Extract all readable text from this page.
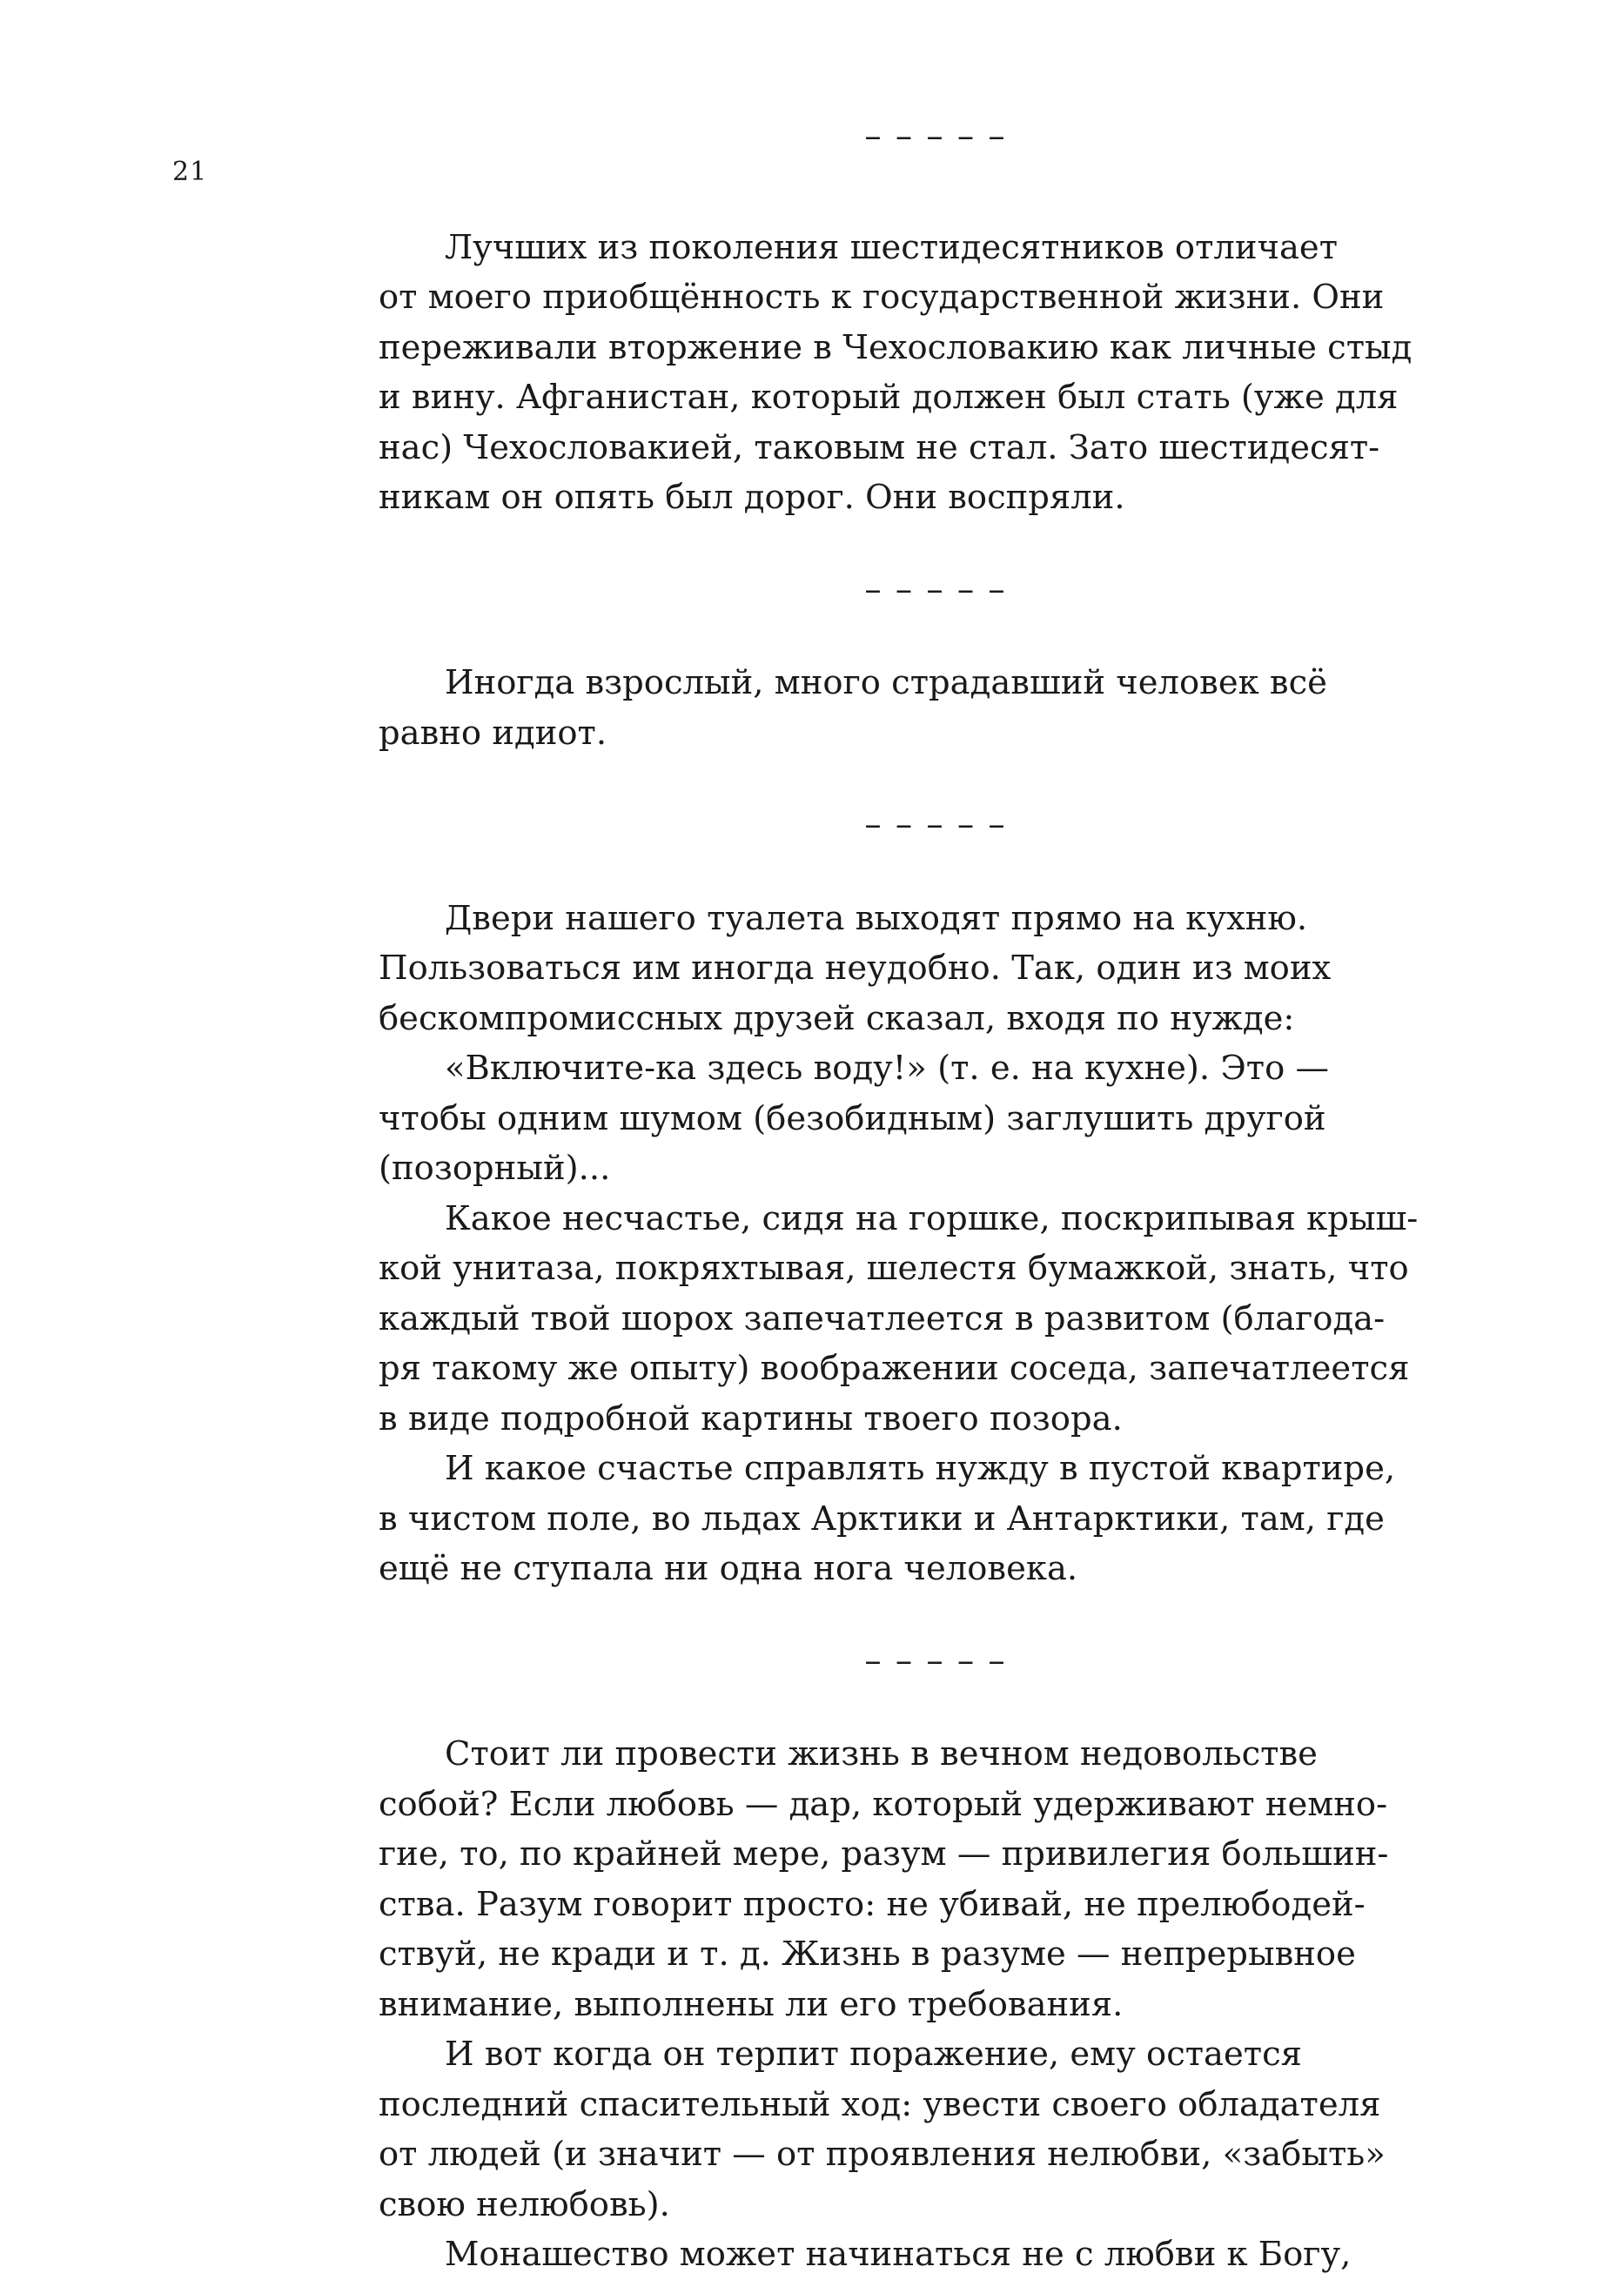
21
– – – – –

Лучших из поколения шестидесятников отличает
от моего приобщённость к государственной жизни. Они
переживали вторжение в Чехословакию как личные стыд
и вину. Афганистан, который должен был стать (уже для
нас) Чехословакией, таковым не стал. Зато шестидесят-
никам он опять был дорог. Они воспряли.

– – – – –

Иногда взрослый, много страдавший человек всё
равно идиот.

– – – – –

Двери нашего туалета выходят прямо на кухню.
Пользоваться им иногда неудобно. Так, один из моих
бескомпромиссных друзей сказал, входя по нужде:

«Включите-ка здесь воду!» (т. е. на кухне). Это —
чтобы одним шумом (безобидным) заглушить другой
(позорный)...

Какое несчастье, сидя на горшке, поскрипывая крыш-
кой унитаза, покряхтывая, шелестя бумажкой, знать, что
каждый твой шорох запечатлеется в развитом (благода-
ря такому же опыту) воображении соседа, запечатлеется
в виде подробной картины твоего позора.

И какое счастье справлять нужду в пустой квартире,
в чистом поле, во льдах Арктики и Антарктики, там, где
ещё не ступала ни одна нога человека.

– – – – –

Стоит ли провести жизнь в вечном недовольстве
собой? Если любовь — дар, который удерживают немно-
гие, то, по крайней мере, разум — привилегия большин-
ства. Разум говорит просто: не убивай, не прелюбодей-
ствуй, не кради и т. д. Жизнь в разуме — непрерывное
внимание, выполнены ли его требования.

И вот когда он терпит поражение, ему остается
последний спасительный ход: увести своего обладателя
от людей (и значит — от проявления нелюбви, «забыть»
свою нелюбовь).

Монашество может начинаться не с любви к Богу,
